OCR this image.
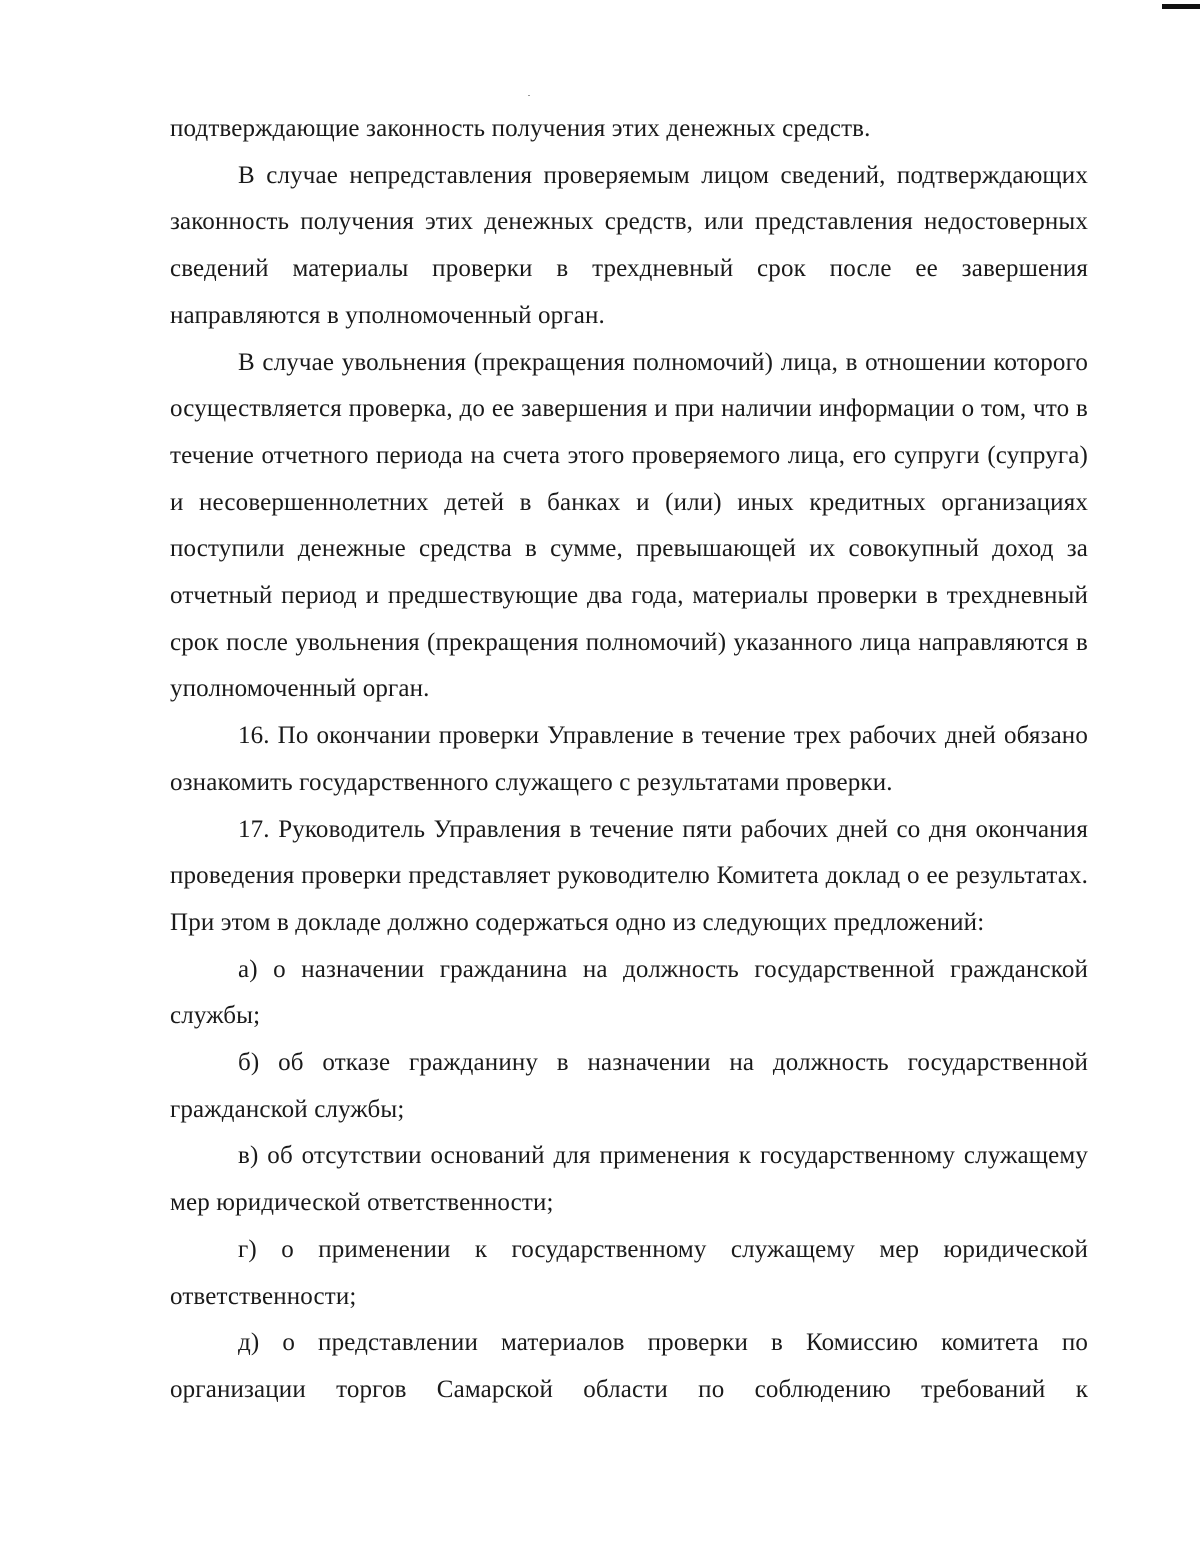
подтверждающие законность получения этих денежных средств.

В случае непредставления проверяемым лицом сведений, подтверждающих законность получения этих денежных средств, или представления недостоверных сведений материалы проверки в трехдневный срок после ее завершения направляются в уполномоченный орган.

В случае увольнения (прекращения полномочий) лица, в отношении которого осуществляется проверка, до ее завершения и при наличии информации о том, что в течение отчетного периода на счета этого проверяемого лица, его супруги (супруга) и несовершеннолетних детей в банках и (или) иных кредитных организациях поступили денежные средства в сумме, превышающей их совокупный доход за отчетный период и предшествующие два года, материалы проверки в трехдневный срок после увольнения (прекращения полномочий) указанного лица направляются в уполномоченный орган.

16. По окончании проверки Управление в течение трех рабочих дней обязано ознакомить государственного служащего с результатами проверки.

17. Руководитель Управления в течение пяти рабочих дней со дня окончания проведения проверки представляет руководителю Комитета доклад о ее результатах. При этом в докладе должно содержаться одно из следующих предложений:

а) о назначении гражданина на должность государственной гражданской службы;

б) об отказе гражданину в назначении на должность государственной гражданской службы;

в) об отсутствии оснований для применения к государственному служащему мер юридической ответственности;

г) о применении к государственному служащему мер юридической ответственности;

д) о представлении материалов проверки в Комиссию комитета по организации торгов Самарской области по соблюдению требований к
